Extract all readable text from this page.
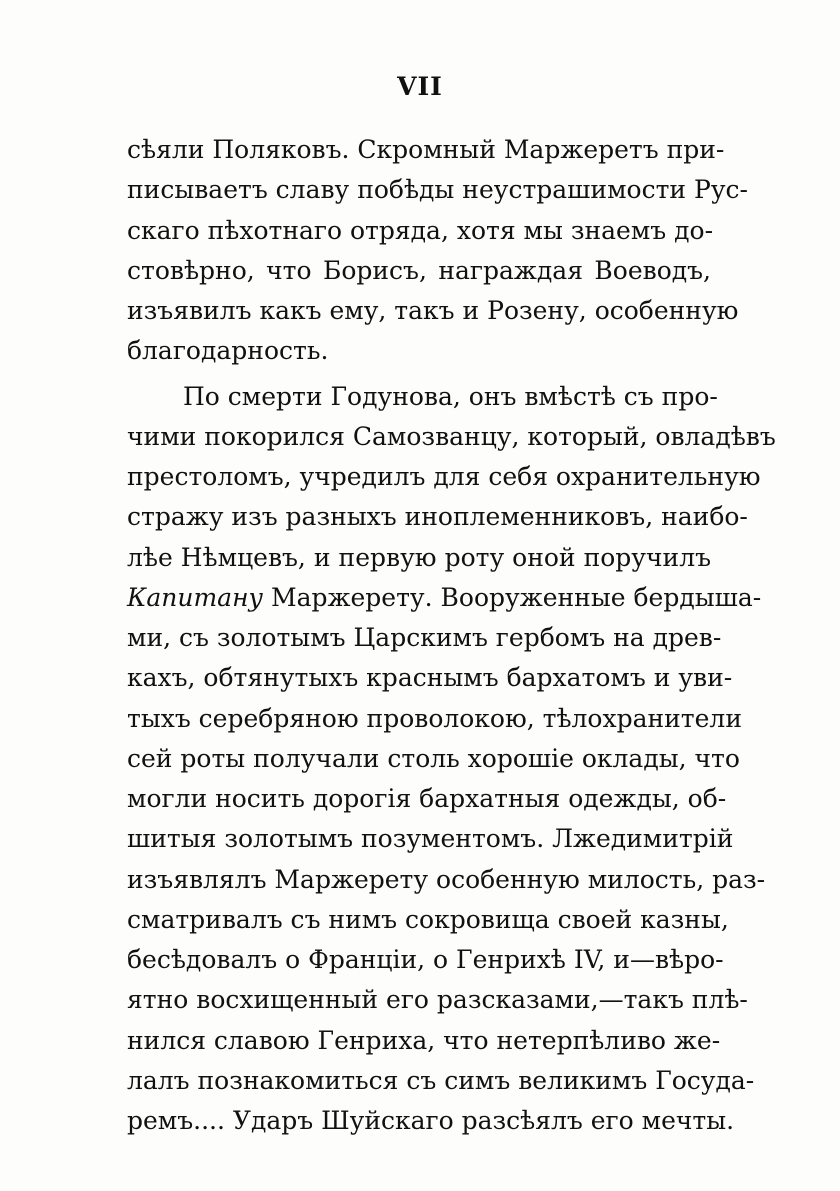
VII
сѣяли Поляковъ. Скромный Маржеретъ при-
писываетъ славу побѣды неустрашимости Рус-
скаго пѣхотнаго отряда, хотя мы знаемъ до-
стовѣрно, что Борисъ, награждая Воеводъ,
изъявилъ какъ ему, такъ и Розену, особенную
благодарность.
По смерти Годунова, онъ вмѣстѣ съ про-
чими покорился Самозванцу, который, овладѣвъ
престоломъ, учредилъ для себя охранительную
стражу изъ разныхъ иноплеменниковъ, наибо-
лѣе Нѣмцевъ, и первую роту оной поручилъ
Капитану Маржерету. Вооруженные бердышa-
ми, съ золотымъ Царскимъ гербомъ на древ-
кахъ, обтянутыхъ краснымъ бархатомъ и уви-
тыхъ серебряною проволокою, тѣлохранители
сей роты получали столь хорошіе оклады, что
могли носить дорогія бархатныя одежды, об-
шитыя золотымъ позументомъ. Лжедимитрій
изъявлялъ Маржерету особенную милость, раз-
сматривалъ съ нимъ сокровища своей казны,
бесѣдовалъ о Франціи, о Генрихѣ IV, и—вѣро-
ятно восхищенный его разсказами,—такъ плѣ-
нился славою Генриха, что нетерпѣливо же-
лалъ познакомиться съ симъ великимъ Госуда-
ремъ.... Ударъ Шуйскаго разсѣялъ его мечты.
